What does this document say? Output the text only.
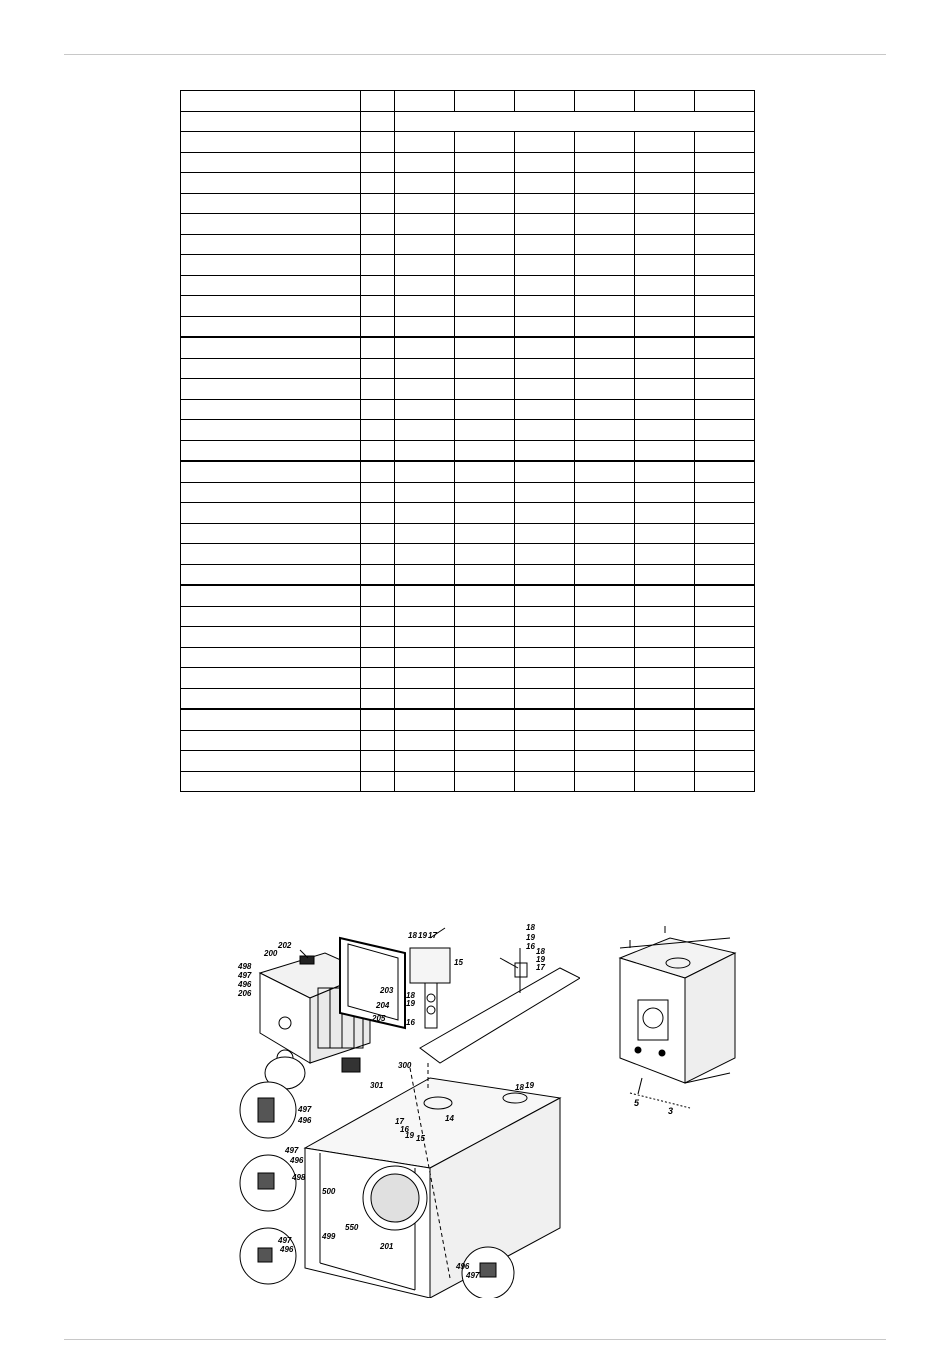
202
200
498
497
496
206	203
204
205
18 19 17
15
18
19
16
18
19
16
18
19
17
301
300
18 19
497
496	17	14
16
19 15
497
496
498
500
550
499
201
497
496
496
497
5
3
